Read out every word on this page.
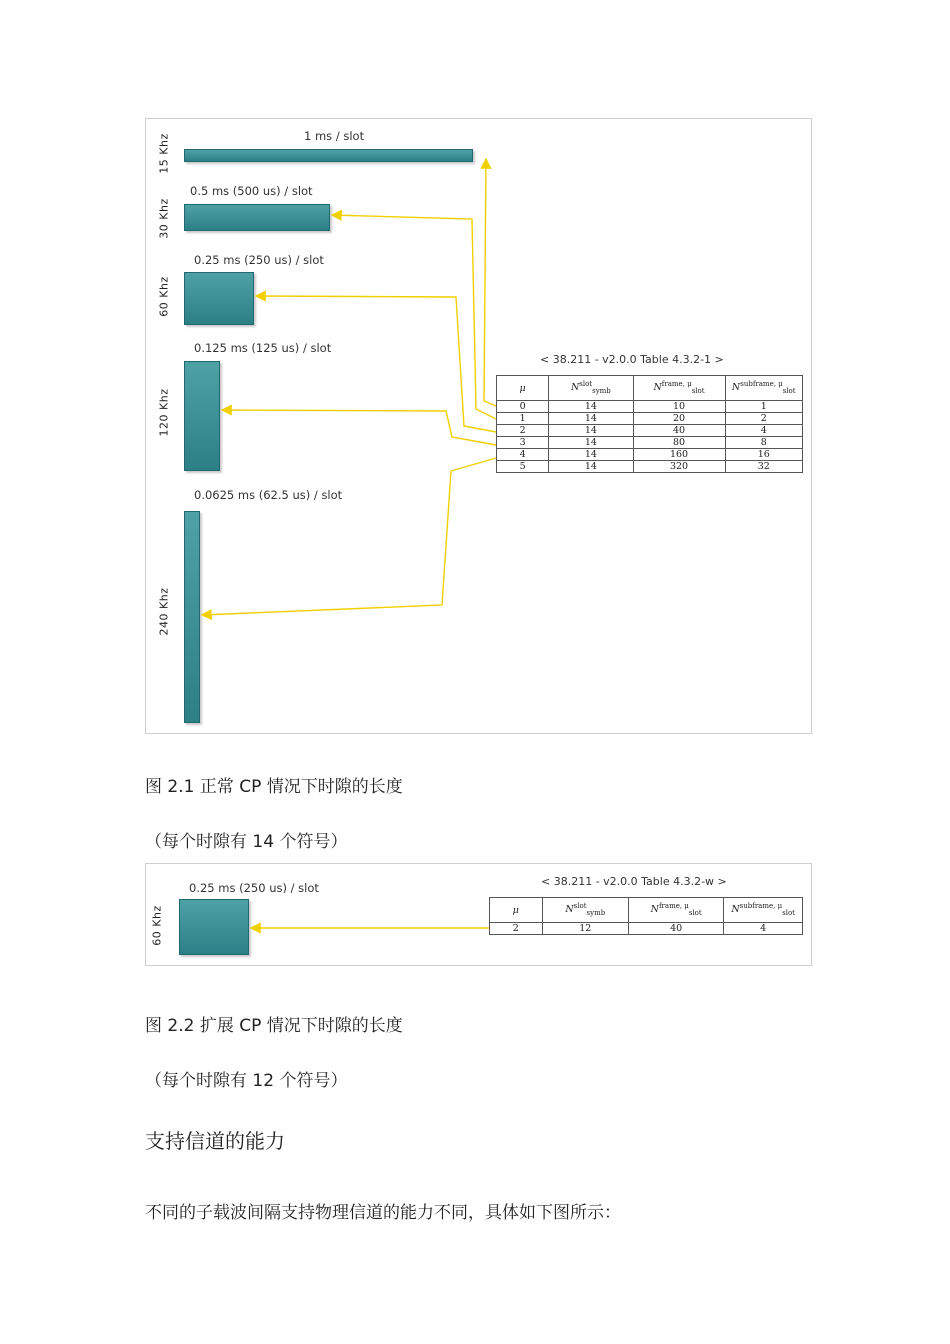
15 Khz
30 Khz
60 Khz
120 Khz
240 Khz
1 ms / slot
0.5 ms (500 us) / slot
0.25 ms (250 us) / slot
0.125 ms (125 us) / slot
0.0625 ms (62.5 us) / slot
< 38.211 - v2.0.0 Table 4.3.2-1 >
μ	$N^{slot}_{symb}$	$N^{frame, \mu}_{slot}$	$N^{subframe, \mu}_{slot}$
0	14	10	1
1	14	20	2
2	14	40	4
3	14	80	8
4	14	160	16
5	14	320	32
图 2.1 正常 CP 情况下时隙的长度
（每个时隙有 14 个符号）
60 Khz
0.25 ms (250 us) / slot	< 38.211 - v2.0.0 Table 4.3.2-w >
μ	$N^{slot}_{symb}$	$N^{frame, \mu}_{slot}$	$N^{subframe, \mu}_{slot}$
2	12	40	4
图 2.2 扩展 CP 情况下时隙的长度
（每个时隙有 12 个符号）
支持信道的能力
不同的子载波间隔支持物理信道的能力不同，具体如下图所示：
